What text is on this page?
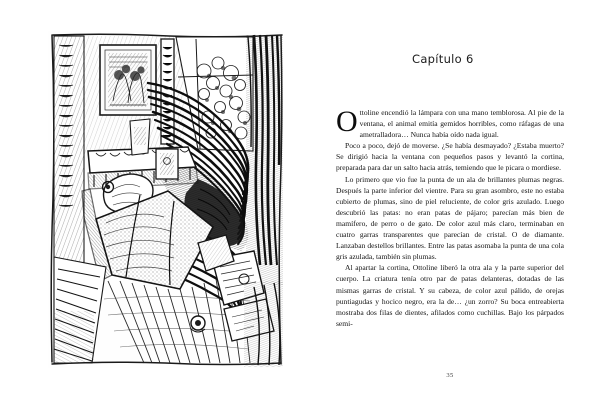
Capítulo 6

Ottoline encendió la lámpara con una mano temblorosa. Al pie de la ventana, el animal emitía gemidos horribles, como ráfagas de una ametralladora… Nunca había oído nada igual.

Poco a poco, dejó de moverse. ¿Se había desmayado? ¿Estaba muerto? Se dirigió hacia la ventana con pequeños pasos y levantó la cortina, preparada para dar un salto hacia atrás, temiendo que le picara o mordiese.

Lo primero que vio fue la punta de un ala de brillantes plumas negras. Después la parte inferior del vientre. Para su gran asombro, este no estaba cubierto de plumas, sino de piel reluciente, de color gris azulado. Luego descubrió las patas: no eran patas de pájaro; parecían más bien de mamífero, de perro o de gato. De color azul más claro, terminaban en cuatro garras transparentes que parecían de cristal. O de diamante. Lanzaban destellos brillantes. Entre las patas asomaba la punta de una cola gris azulada, también sin plumas.

Al apartar la cortina, Ottoline liberó la otra ala y la parte superior del cuerpo. La criatura tenía otro par de patas delanteras, dotadas de las mismas garras de cristal. Y su cabeza, de color azul pálido, de orejas puntiagudas y hocico negro, era la de… ¿un zorro? Su boca entreabierta mostraba dos filas de dientes, afilados como cuchillas. Bajo los párpados semi-

35
